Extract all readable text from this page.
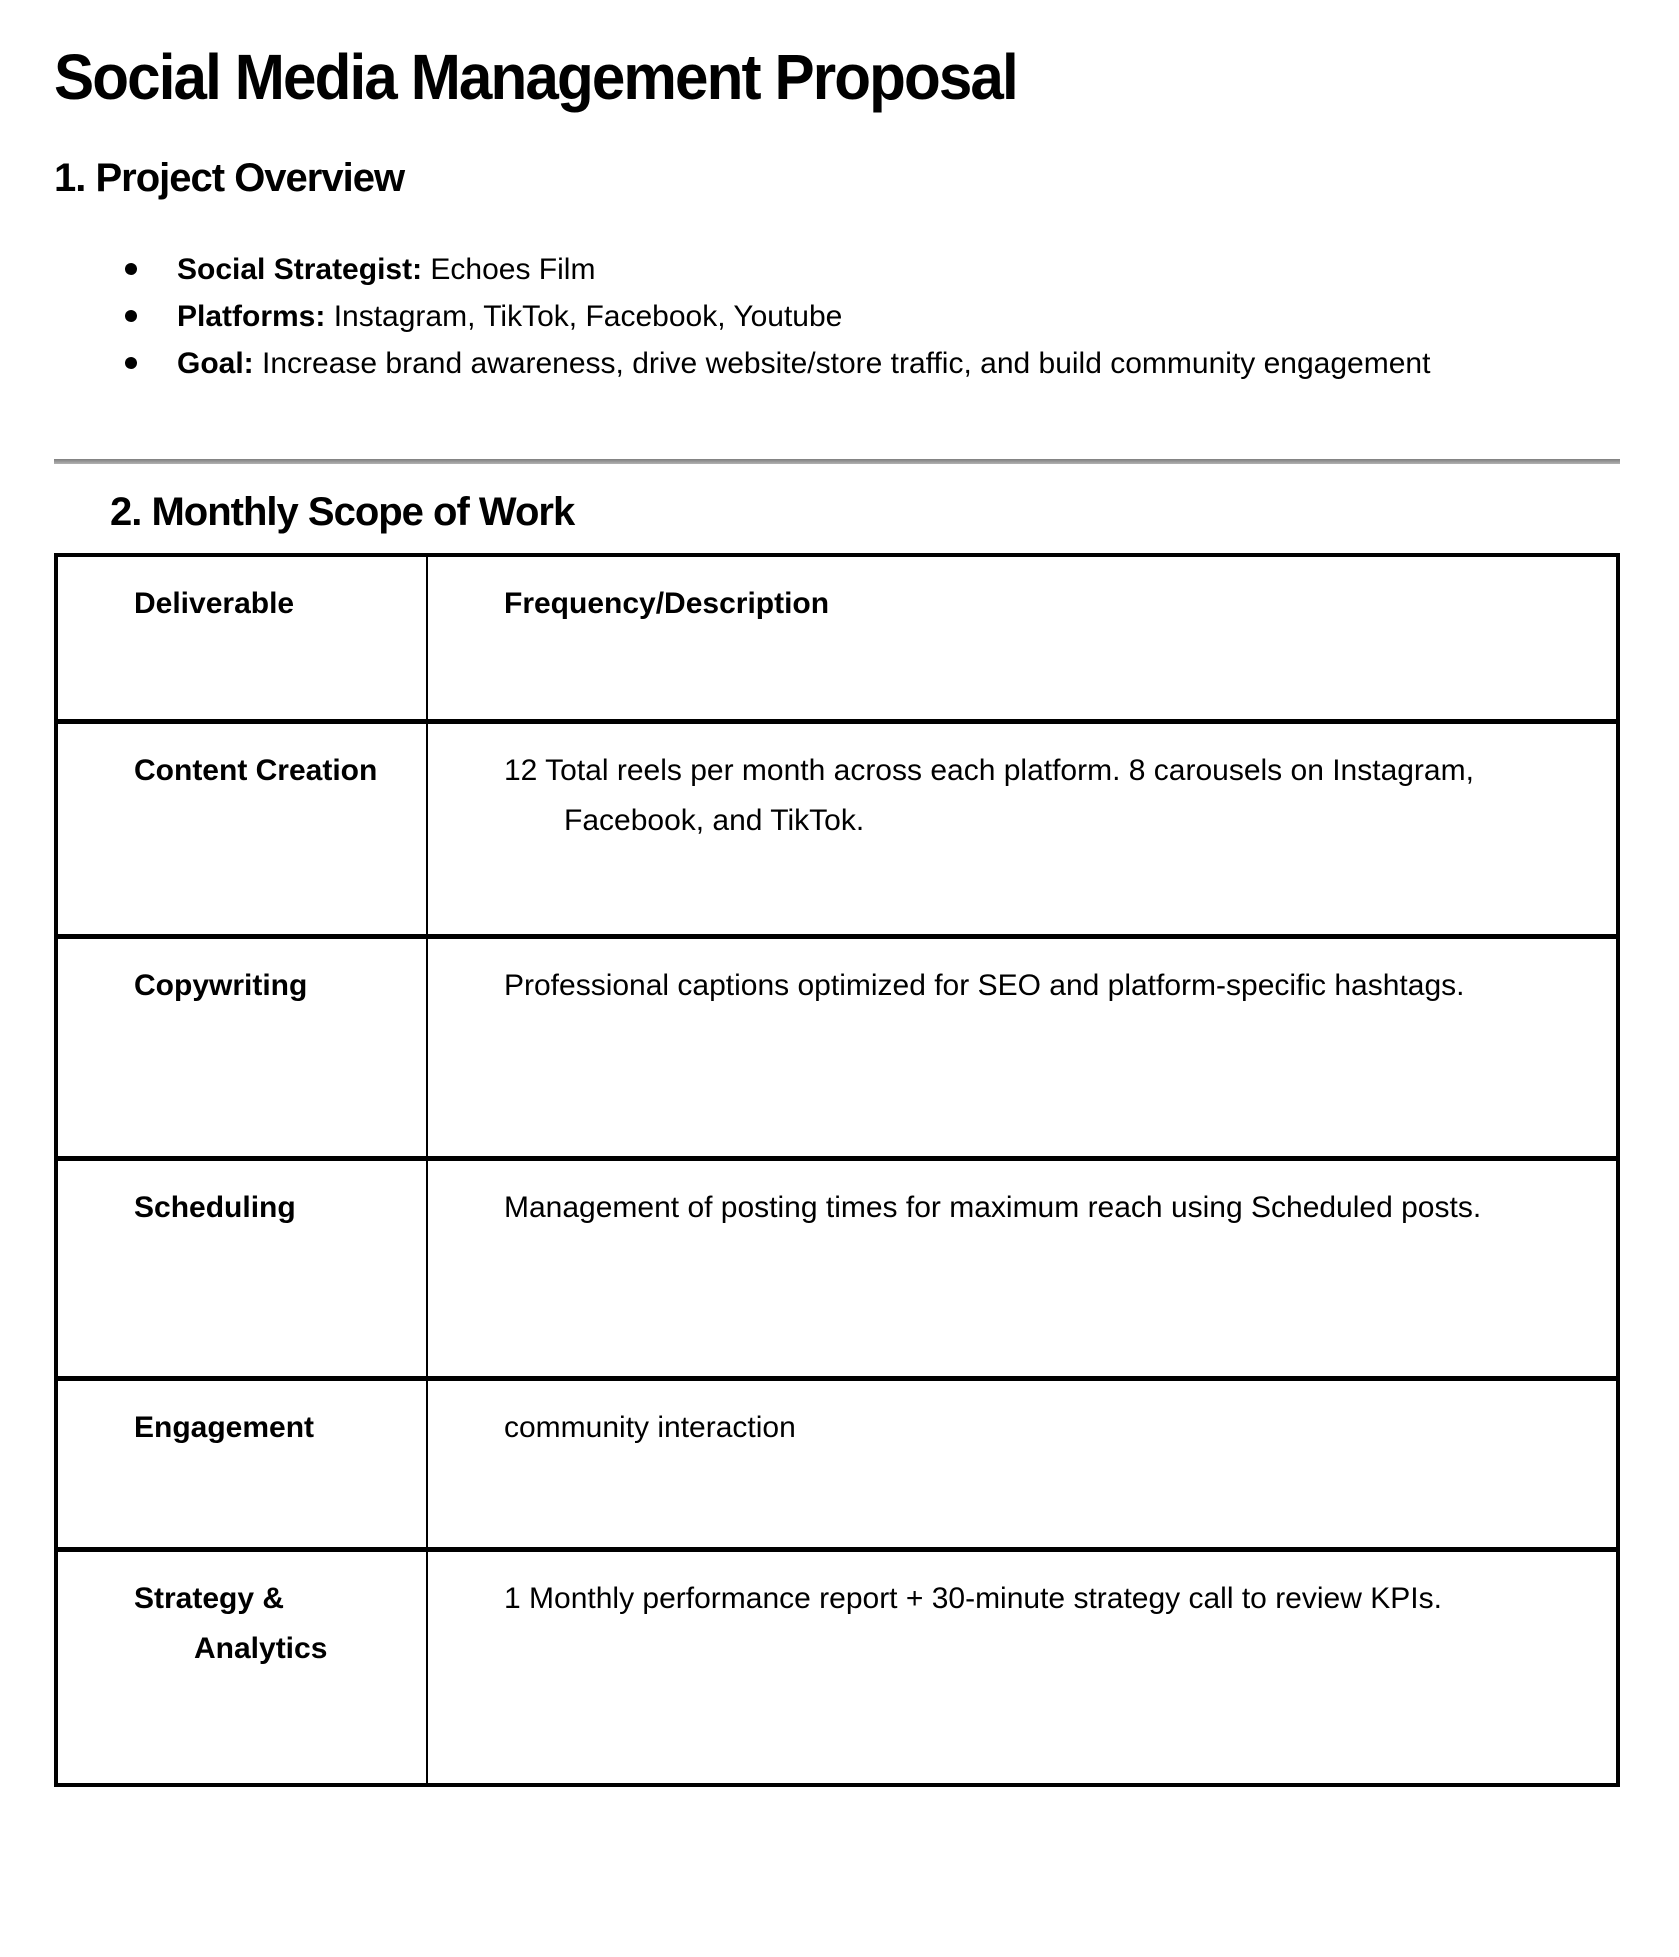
Social Media Management Proposal
1. Project Overview
Social Strategist: Echoes Film
Platforms: Instagram, TikTok, Facebook, Youtube
Goal: Increase brand awareness, drive website/store traffic, and build community engagement
2. Monthly Scope of Work

Deliverable	Frequency/Description

Content Creation	12 Total reels per month across each platform. 8 carousels on Instagram, Facebook, and TikTok.

Copywriting	Professional captions optimized for SEO and platform-specific hashtags.

Scheduling	Management of posting times for maximum reach using Scheduled posts.

Engagement	community interaction

Strategy & Analytics	1 Monthly performance report + 30-minute strategy call to review KPIs.
